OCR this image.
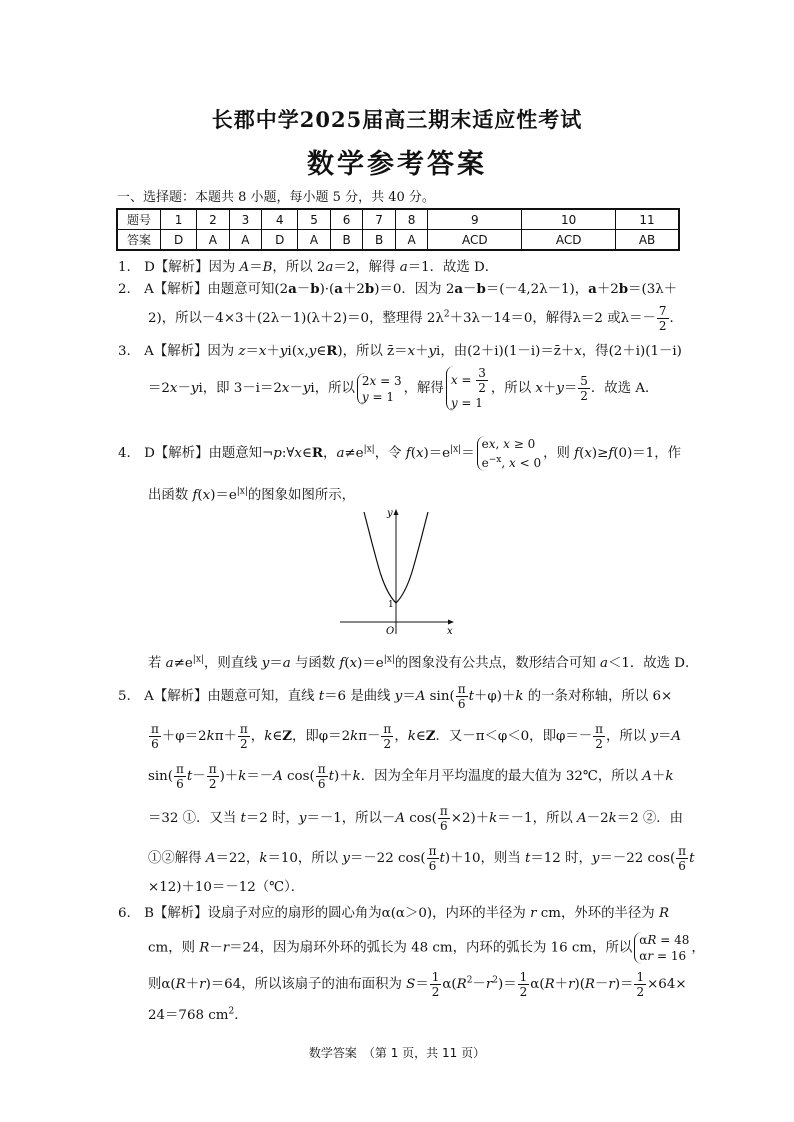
长郡中学2025届高三期末适应性考试
数学参考答案
一、选择题：本题共 8 小题，每小题 5 分，共 40 分。
题号	1	2	3	4	5	6	7	8	9	10	11
答案	D	A	A	D	A	B	B	A	ACD	ACD	AB
1.　D【解析】因为 A＝B，所以 2a＝2，解得 a＝1．故选 D．
2.　A【解析】由题意可知(2a－b)·(a＋2b)＝0．因为 2a－b＝(－4,2λ－1)，a＋2b＝(3λ＋
2)，所以－4×3＋(2λ－1)(λ＋2)＝0，整理得 $2\lambda^2+3\lambda-14=0$，解得λ＝2 或$\lambda=- \frac{7}{2}$ ．
3.　A【解析】因为 z＝x＋yi(x,y∈R)，所以 z̄＝x＋yi，由(2＋i)(1－i)＝z̄＋x，得(2＋i)(1－i)
＝2x－yi，即 3－i＝2x－yi，所以2x = 3
y = 1，解得$x = \frac{3}{2}$

y = 1，所以 $x+y= \frac{5}{2}$ ．故选 A．
4.　D【解析】由题意知¬p:∀x∈R，$a\ne e^{|x|}$，令 $f(x)=e^{|x|}=ex$, x ≥ 0
$e^{-x}$, x < 0，则 f(x)≥f(0)＝1，作
出函数 $f(x)=e^{|x|}$的图象如图所示，
y
x
O
1
若 $a\ne e^{|x|}$，则直线 y＝a 与函数 $f(x)=e^{|x|}$的图象没有公共点，数形结合可知 a＜1．故选 D．
5.　A【解析】由题意可知，直线 t＝6 是曲线 y＝A $\sin( \frac{\pi}{6} t+\varphi)+k$ 的一条对称轴，所以 6×
$\frac{\pi}{6} +\varphi=2k\pi+ \frac{\pi}{2}$ ，k∈Z，即$\varphi=2k\pi- \frac{\pi}{2}$ ，k∈Z．又－π＜φ＜0，即$\varphi=- \frac{\pi}{2}$ ，所以 y＝A
$\sin( \frac{\pi}{6} t- \frac{\pi}{2} )+k=-A$ $\cos( \frac{\pi}{6} t)+k$．因为全年月平均温度的最大值为 32℃，所以 A＋k
＝32 ①．又当 t＝2 时，y＝－1，所以－A $\cos( \frac{\pi}{6} \times 2)+k=-1$，所以 A－2k＝2 ②．由
①②解得 A＝22，k＝10，所以 y＝－22 $\cos( \frac{\pi}{6} t)+10$，则当 t＝12 时，y＝－22 $\cos( \frac{\pi}{6}$ t
×12)＋10＝－12（℃）．
6.　B【解析】设扇子对应的扇形的圆心角为α(α＞0)，内环的半径为 r cm，外环的半径为 R
cm，则 R－r＝24，因为扇环外环的弧长为 48 cm，内环的弧长为 16 cm，所以αR = 48
αr = 16，
则α(R＋r)＝64，所以该扇子的油布面积为 $S= \frac{1}{2} \alpha(R^2-r^2)= \frac{1}{2} \alpha(R+r)(R-r)= \frac{1}{2} \times 64\times$
24＝768 $cm^2$．
数学答案　（第 1 页，共 11 页）
